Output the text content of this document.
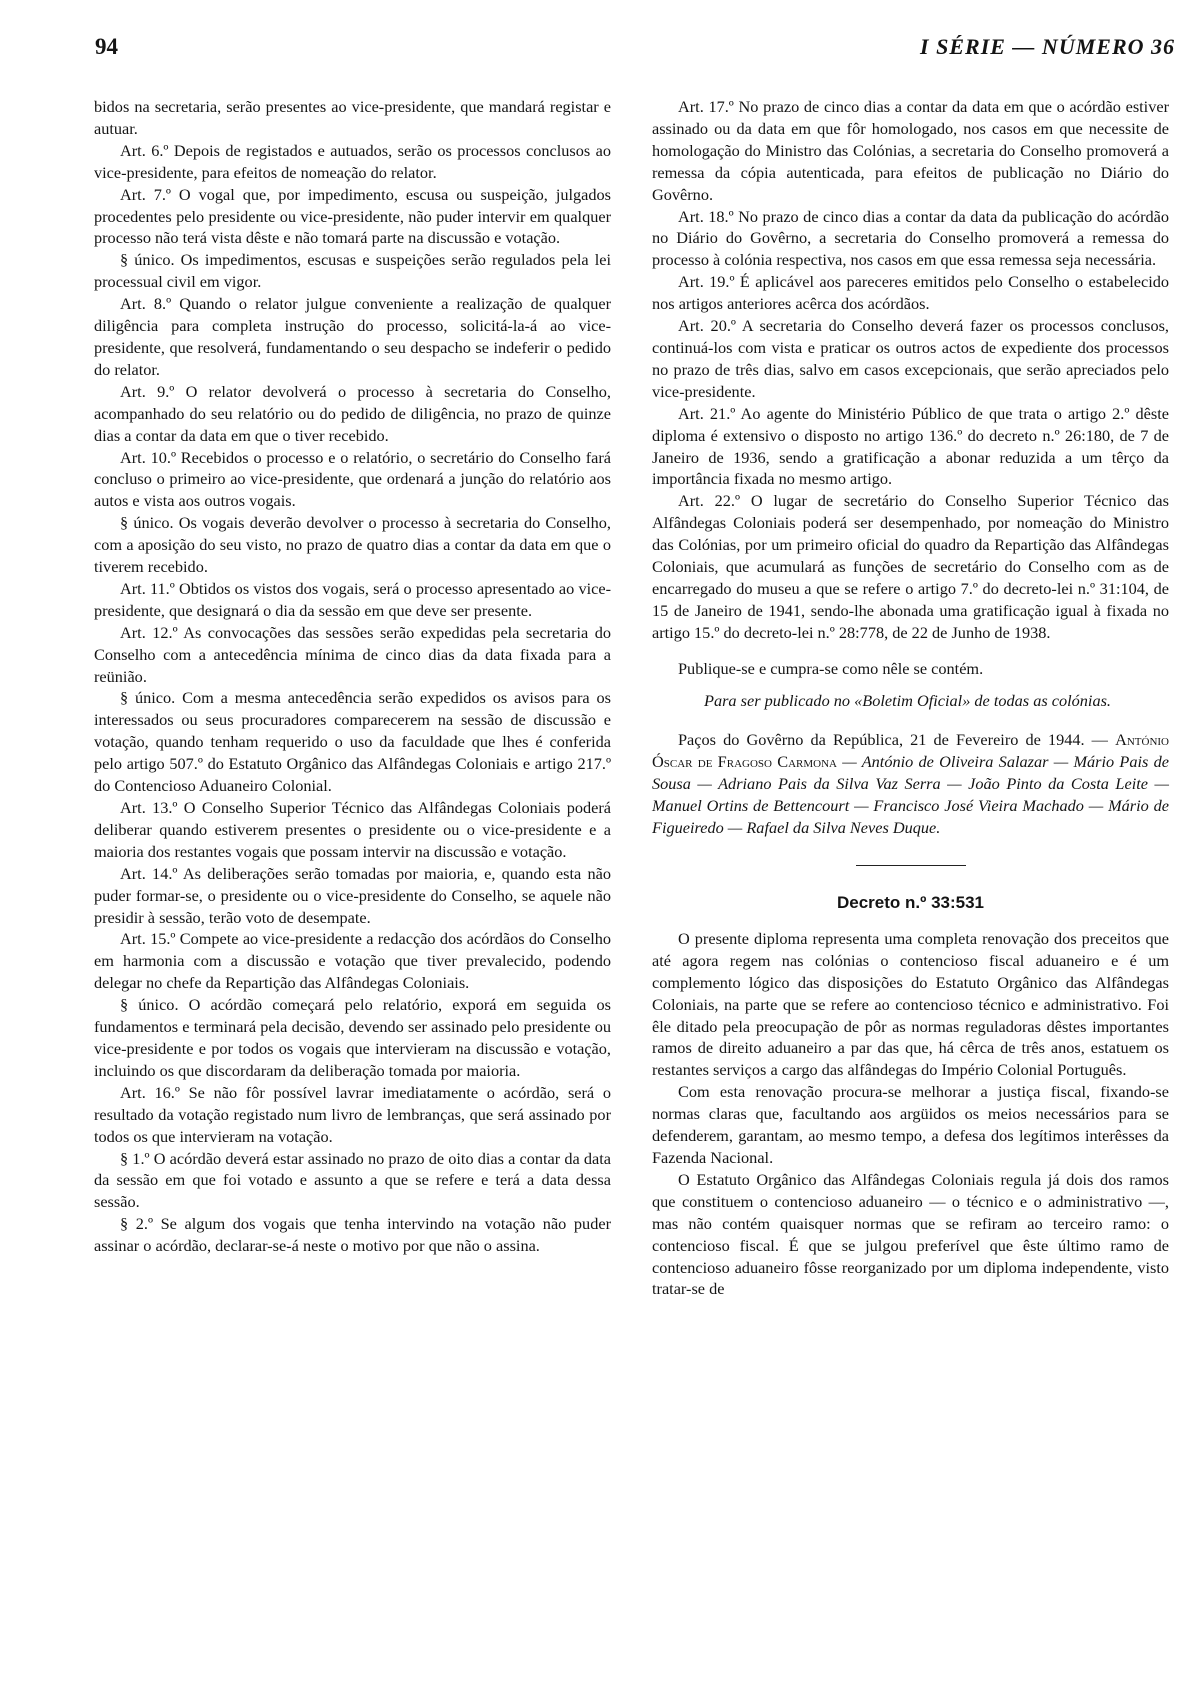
94	I SÉRIE — NÚMERO 36

bidos na secretaria, serão presentes ao vice-presidente, que mandará registar e autuar.

Art. 6.º Depois de registados e autuados, serão os processos conclusos ao vice-presidente, para efeitos de nomeação do relator.

Art. 7.º O vogal que, por impedimento, escusa ou suspeição, julgados procedentes pelo presidente ou vice-presidente, não puder intervir em qualquer processo não terá vista dêste e não tomará parte na discussão e votação.

§ único. Os impedimentos, escusas e suspeições serão regulados pela lei processual civil em vigor.

Art. 8.º Quando o relator julgue conveniente a realização de qualquer diligência para completa instrução do processo, solicitá-la-á ao vice-presidente, que resolverá, fundamentando o seu despacho se indeferir o pedido do relator.

Art. 9.º O relator devolverá o processo à secretaria do Conselho, acompanhado do seu relatório ou do pedido de diligência, no prazo de quinze dias a contar da data em que o tiver recebido.

Art. 10.º Recebidos o processo e o relatório, o secretário do Conselho fará concluso o primeiro ao vice-presidente, que ordenará a junção do relatório aos autos e vista aos outros vogais.

§ único. Os vogais deverão devolver o processo à secretaria do Conselho, com a aposição do seu visto, no prazo de quatro dias a contar da data em que o tiverem recebido.

Art. 11.º Obtidos os vistos dos vogais, será o processo apresentado ao vice-presidente, que designará o dia da sessão em que deve ser presente.

Art. 12.º As convocações das sessões serão expedidas pela secretaria do Conselho com a antecedência mínima de cinco dias da data fixada para a reünião.

§ único. Com a mesma antecedência serão expedidos os avisos para os interessados ou seus procuradores comparecerem na sessão de discussão e votação, quando tenham requerido o uso da faculdade que lhes é conferida pelo artigo 507.º do Estatuto Orgânico das Alfândegas Coloniais e artigo 217.º do Contencioso Aduaneiro Colonial.

Art. 13.º O Conselho Superior Técnico das Alfândegas Coloniais poderá deliberar quando estiverem presentes o presidente ou o vice-presidente e a maioria dos restantes vogais que possam intervir na discussão e votação.

Art. 14.º As deliberações serão tomadas por maioria, e, quando esta não puder formar-se, o presidente ou o vice-presidente do Conselho, se aquele não presidir à sessão, terão voto de desempate.

Art. 15.º Compete ao vice-presidente a redacção dos acórdãos do Conselho em harmonia com a discussão e votação que tiver prevalecido, podendo delegar no chefe da Repartição das Alfândegas Coloniais.

§ único. O acórdão começará pelo relatório, exporá em seguida os fundamentos e terminará pela decisão, devendo ser assinado pelo presidente ou vice-presidente e por todos os vogais que intervieram na discussão e votação, incluindo os que discordaram da deliberação tomada por maioria.

Art. 16.º Se não fôr possível lavrar imediatamente o acórdão, será o resultado da votação registado num livro de lembranças, que será assinado por todos os que intervieram na votação.

§ 1.º O acórdão deverá estar assinado no prazo de oito dias a contar da data da sessão em que foi votado e assunto a que se refere e terá a data dessa sessão.

§ 2.º Se algum dos vogais que tenha intervindo na votação não puder assinar o acórdão, declarar-se-á neste o motivo por que não o assina.

Art. 17.º No prazo de cinco dias a contar da data em que o acórdão estiver assinado ou da data em que fôr homologado, nos casos em que necessite de homologação do Ministro das Colónias, a secretaria do Conselho promoverá a remessa da cópia autenticada, para efeitos de publicação no Diário do Govêrno.

Art. 18.º No prazo de cinco dias a contar da data da publicação do acórdão no Diário do Govêrno, a secretaria do Conselho promoverá a remessa do processo à colónia respectiva, nos casos em que essa remessa seja necessária.

Art. 19.º É aplicável aos pareceres emitidos pelo Conselho o estabelecido nos artigos anteriores acêrca dos acórdãos.

Art. 20.º A secretaria do Conselho deverá fazer os processos conclusos, continuá-los com vista e praticar os outros actos de expediente dos processos no prazo de três dias, salvo em casos excepcionais, que serão apreciados pelo vice-presidente.

Art. 21.º Ao agente do Ministério Público de que trata o artigo 2.º dêste diploma é extensivo o disposto no artigo 136.º do decreto n.º 26:180, de 7 de Janeiro de 1936, sendo a gratificação a abonar reduzida a um têrço da importância fixada no mesmo artigo.

Art. 22.º O lugar de secretário do Conselho Superior Técnico das Alfândegas Coloniais poderá ser desempenhado, por nomeação do Ministro das Colónias, por um primeiro oficial do quadro da Repartição das Alfândegas Coloniais, que acumulará as funções de secretário do Conselho com as de encarregado do museu a que se refere o artigo 7.º do decreto-lei n.º 31:104, de 15 de Janeiro de 1941, sendo-lhe abonada uma gratificação igual à fixada no artigo 15.º do decreto-lei n.º 28:778, de 22 de Junho de 1938.

Publique-se e cumpra-se como nêle se contém.

Para ser publicado no «Boletim Oficial» de todas as colónias.

Paços do Govêrno da República, 21 de Fevereiro de 1944. — António Óscar de Fragoso Carmona — António de Oliveira Salazar — Mário Pais de Sousa — Adriano Pais da Silva Vaz Serra — João Pinto da Costa Leite — Manuel Ortins de Bettencourt — Francisco José Vieira Machado — Mário de Figueiredo — Rafael da Silva Neves Duque.

Decreto n.º 33:531

O presente diploma representa uma completa renovação dos preceitos que até agora regem nas colónias o contencioso fiscal aduaneiro e é um complemento lógico das disposições do Estatuto Orgânico das Alfândegas Coloniais, na parte que se refere ao contencioso técnico e administrativo. Foi êle ditado pela preocupação de pôr as normas reguladoras dêstes importantes ramos de direito aduaneiro a par das que, há cêrca de três anos, estatuem os restantes serviços a cargo das alfândegas do Império Colonial Português.

Com esta renovação procura-se melhorar a justiça fiscal, fixando-se normas claras que, facultando aos argüidos os meios necessários para se defenderem, garantam, ao mesmo tempo, a defesa dos legítimos interêsses da Fazenda Nacional.

O Estatuto Orgânico das Alfândegas Coloniais regula já dois dos ramos que constituem o contencioso aduaneiro — o técnico e o administrativo —, mas não contém quaisquer normas que se refiram ao terceiro ramo: o contencioso fiscal. É que se julgou preferível que êste último ramo de contencioso aduaneiro fôsse reorganizado por um diploma independente, visto tratar-se de
